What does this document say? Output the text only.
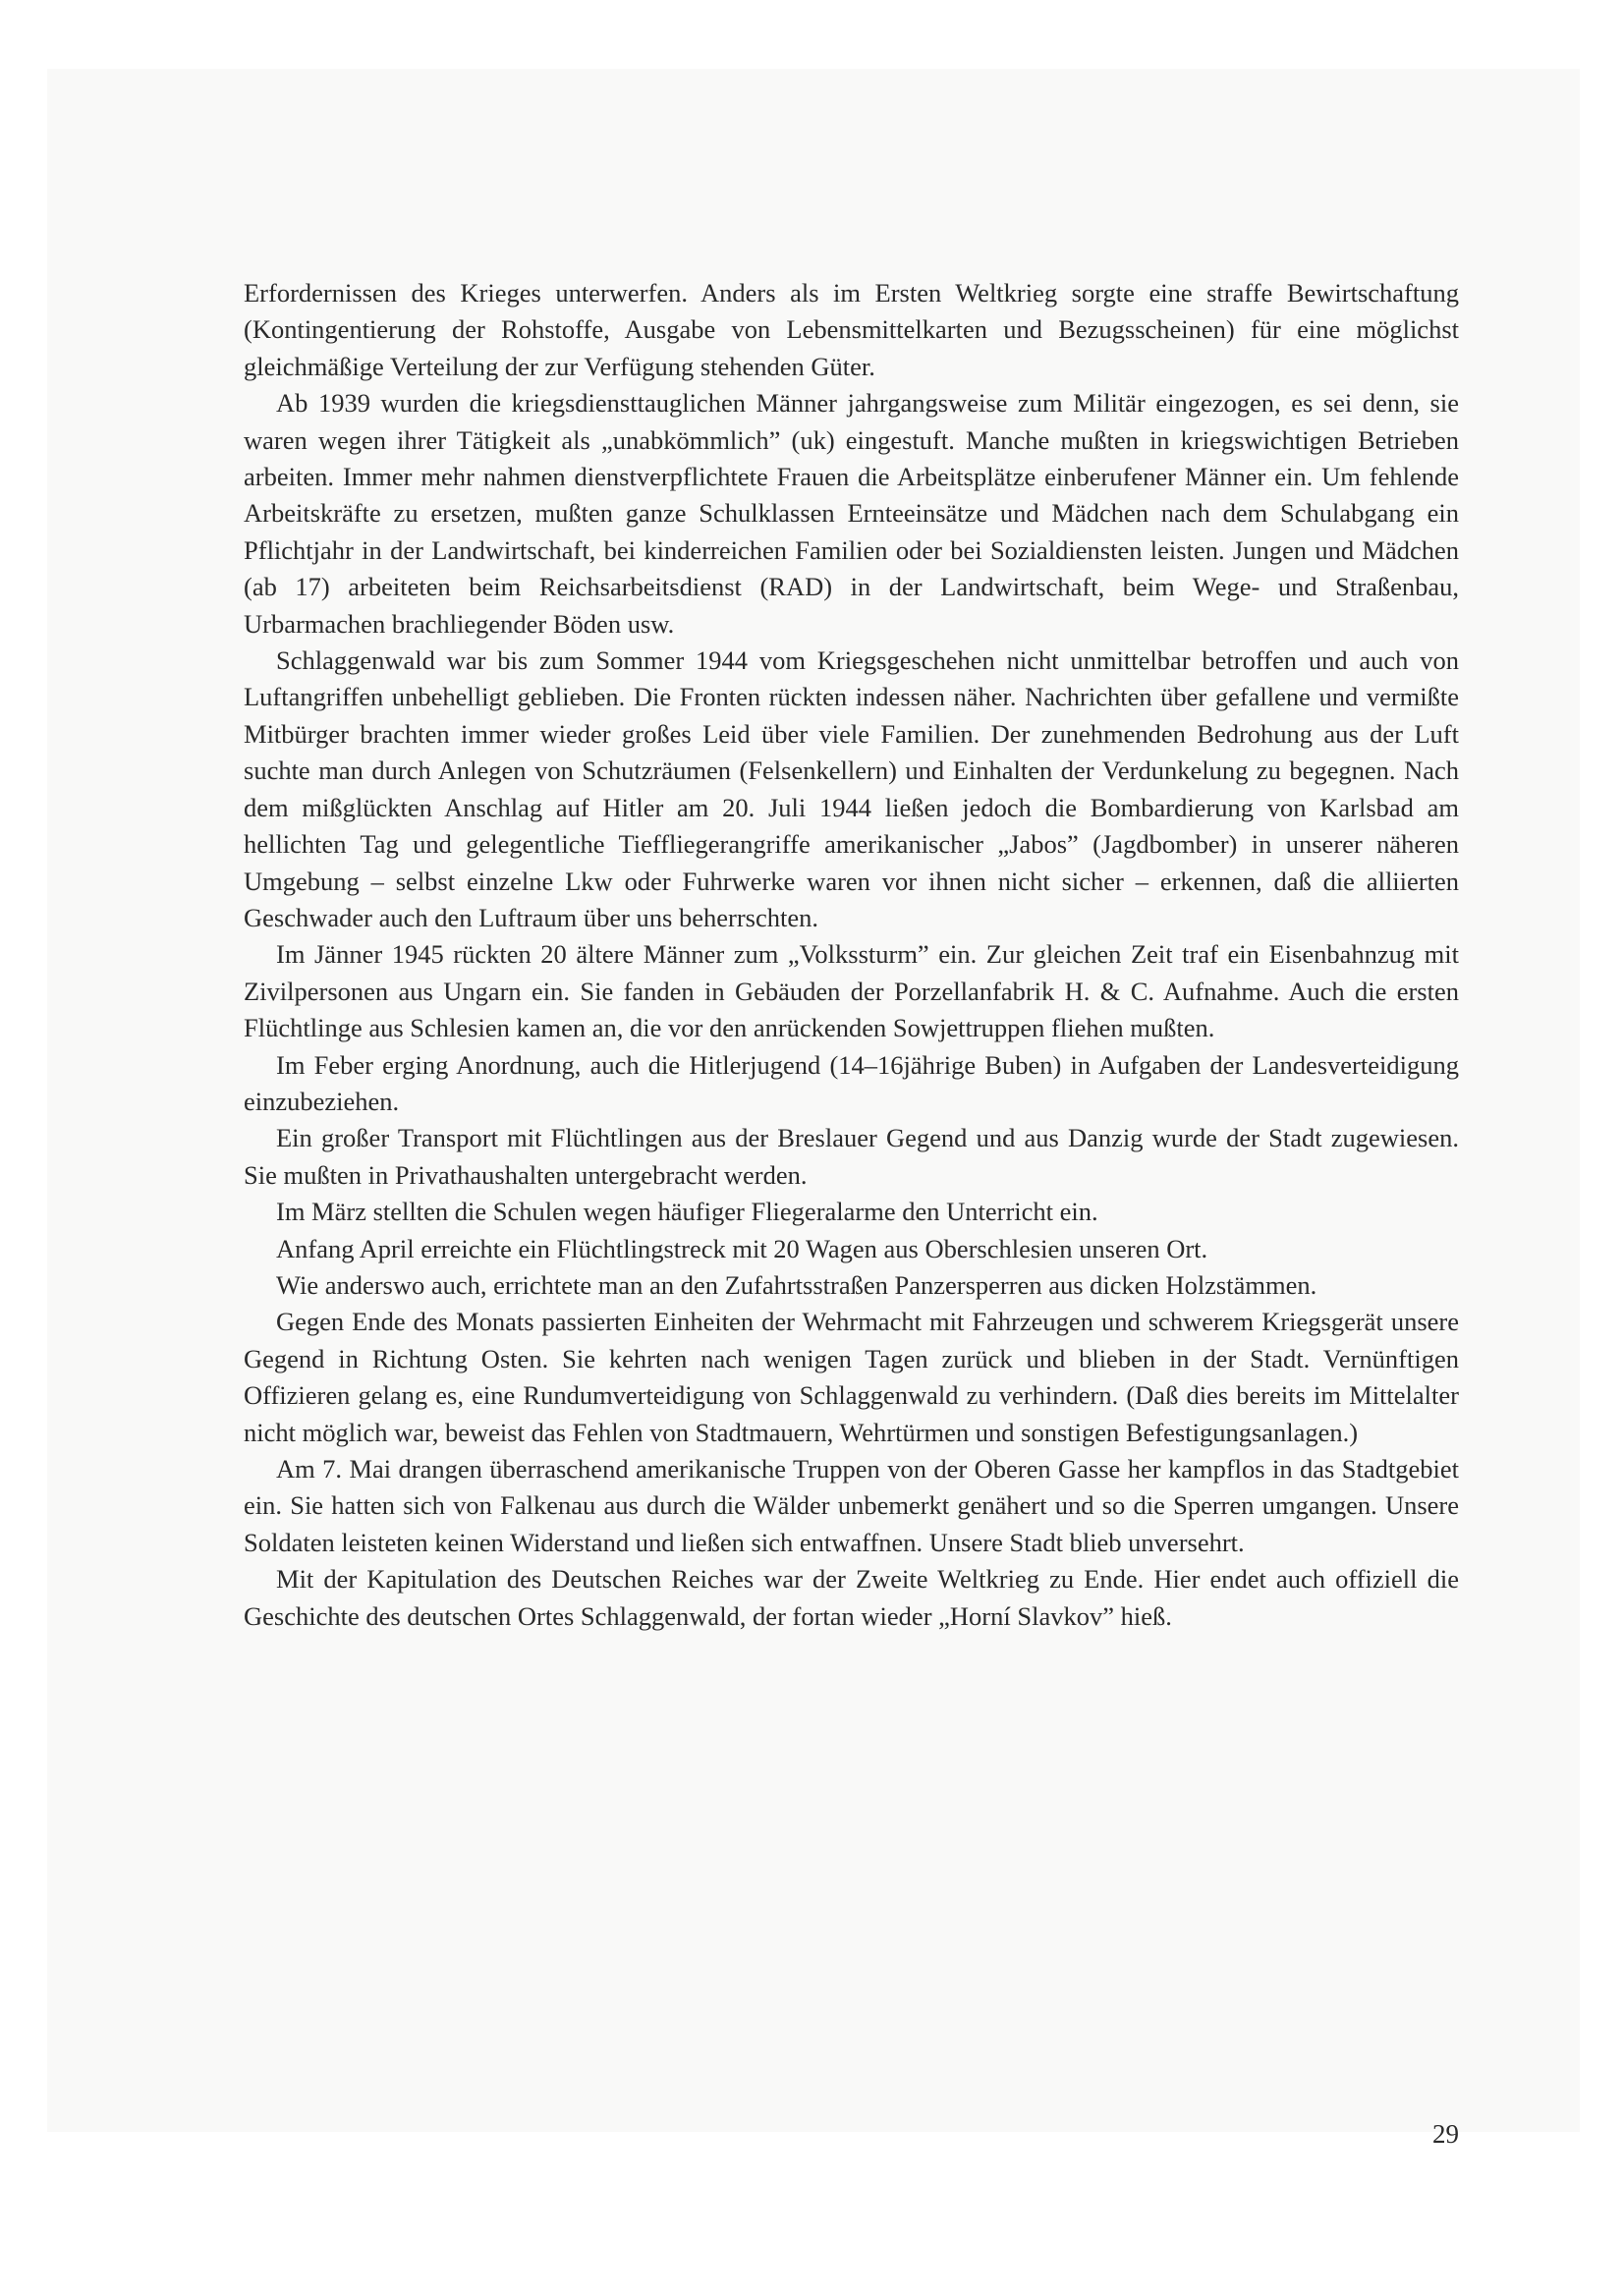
Erfordernissen des Krieges unterwerfen. Anders als im Ersten Weltkrieg sorgte eine straffe Bewirtschaftung (Kontingentierung der Rohstoffe, Ausgabe von Lebensmittelkarten und Bezugsscheinen) für eine möglichst gleichmäßige Verteilung der zur Verfügung stehenden Güter.

Ab 1939 wurden die kriegsdiensttauglichen Männer jahrgangsweise zum Militär eingezogen, es sei denn, sie waren wegen ihrer Tätigkeit als „unabkömmlich” (uk) eingestuft. Manche mußten in kriegswichtigen Betrieben arbeiten. Immer mehr nahmen dienstverpflichtete Frauen die Arbeitsplätze einberufener Männer ein. Um fehlende Arbeitskräfte zu ersetzen, mußten ganze Schulklassen Ernteeinsätze und Mädchen nach dem Schulabgang ein Pflichtjahr in der Landwirtschaft, bei kinderreichen Familien oder bei Sozialdiensten leisten. Jungen und Mädchen (ab 17) arbeiteten beim Reichsarbeitsdienst (RAD) in der Landwirtschaft, beim Wege- und Straßenbau, Urbarmachen brachliegender Böden usw.

Schlaggenwald war bis zum Sommer 1944 vom Kriegsgeschehen nicht unmittelbar betroffen und auch von Luftangriffen unbehelligt geblieben. Die Fronten rückten indessen näher. Nachrichten über gefallene und vermißte Mitbürger brachten immer wieder großes Leid über viele Familien. Der zunehmenden Bedrohung aus der Luft suchte man durch Anlegen von Schutzräumen (Felsenkellern) und Einhalten der Verdunkelung zu begegnen. Nach dem mißglückten Anschlag auf Hitler am 20. Juli 1944 ließen jedoch die Bombardierung von Karlsbad am hellichten Tag und gelegentliche Tieffliegerangriffe amerikanischer „Jabos” (Jagdbomber) in unserer näheren Umgebung – selbst einzelne Lkw oder Fuhrwerke waren vor ihnen nicht sicher – erkennen, daß die alliierten Geschwader auch den Luftraum über uns beherrschten.

Im Jänner 1945 rückten 20 ältere Männer zum „Volkssturm” ein. Zur gleichen Zeit traf ein Eisenbahnzug mit Zivilpersonen aus Ungarn ein. Sie fanden in Gebäuden der Porzellanfabrik H. & C. Aufnahme. Auch die ersten Flüchtlinge aus Schlesien kamen an, die vor den anrückenden Sowjettruppen fliehen mußten.

Im Feber erging Anordnung, auch die Hitlerjugend (14–16jährige Buben) in Aufgaben der Landesverteidigung einzubeziehen.

Ein großer Transport mit Flüchtlingen aus der Breslauer Gegend und aus Danzig wurde der Stadt zugewiesen. Sie mußten in Privathaushalten untergebracht werden.

Im März stellten die Schulen wegen häufiger Fliegeralarme den Unterricht ein.

Anfang April erreichte ein Flüchtlingstreck mit 20 Wagen aus Oberschlesien unseren Ort.

Wie anderswo auch, errichtete man an den Zufahrtsstraßen Panzersperren aus dicken Holzstämmen.

Gegen Ende des Monats passierten Einheiten der Wehrmacht mit Fahrzeugen und schwerem Kriegsgerät unsere Gegend in Richtung Osten. Sie kehrten nach wenigen Tagen zurück und blieben in der Stadt. Vernünftigen Offizieren gelang es, eine Rundumverteidigung von Schlaggenwald zu verhindern. (Daß dies bereits im Mittelalter nicht möglich war, beweist das Fehlen von Stadtmauern, Wehrtürmen und sonstigen Befestigungsanlagen.)

Am 7. Mai drangen überraschend amerikanische Truppen von der Oberen Gasse her kampflos in das Stadtgebiet ein. Sie hatten sich von Falkenau aus durch die Wälder unbemerkt genähert und so die Sperren umgangen. Unsere Soldaten leisteten keinen Widerstand und ließen sich entwaffnen. Unsere Stadt blieb unversehrt.

Mit der Kapitulation des Deutschen Reiches war der Zweite Weltkrieg zu Ende. Hier endet auch offiziell die Geschichte des deutschen Ortes Schlaggenwald, der fortan wieder „Horní Slavkov” hieß.

29
